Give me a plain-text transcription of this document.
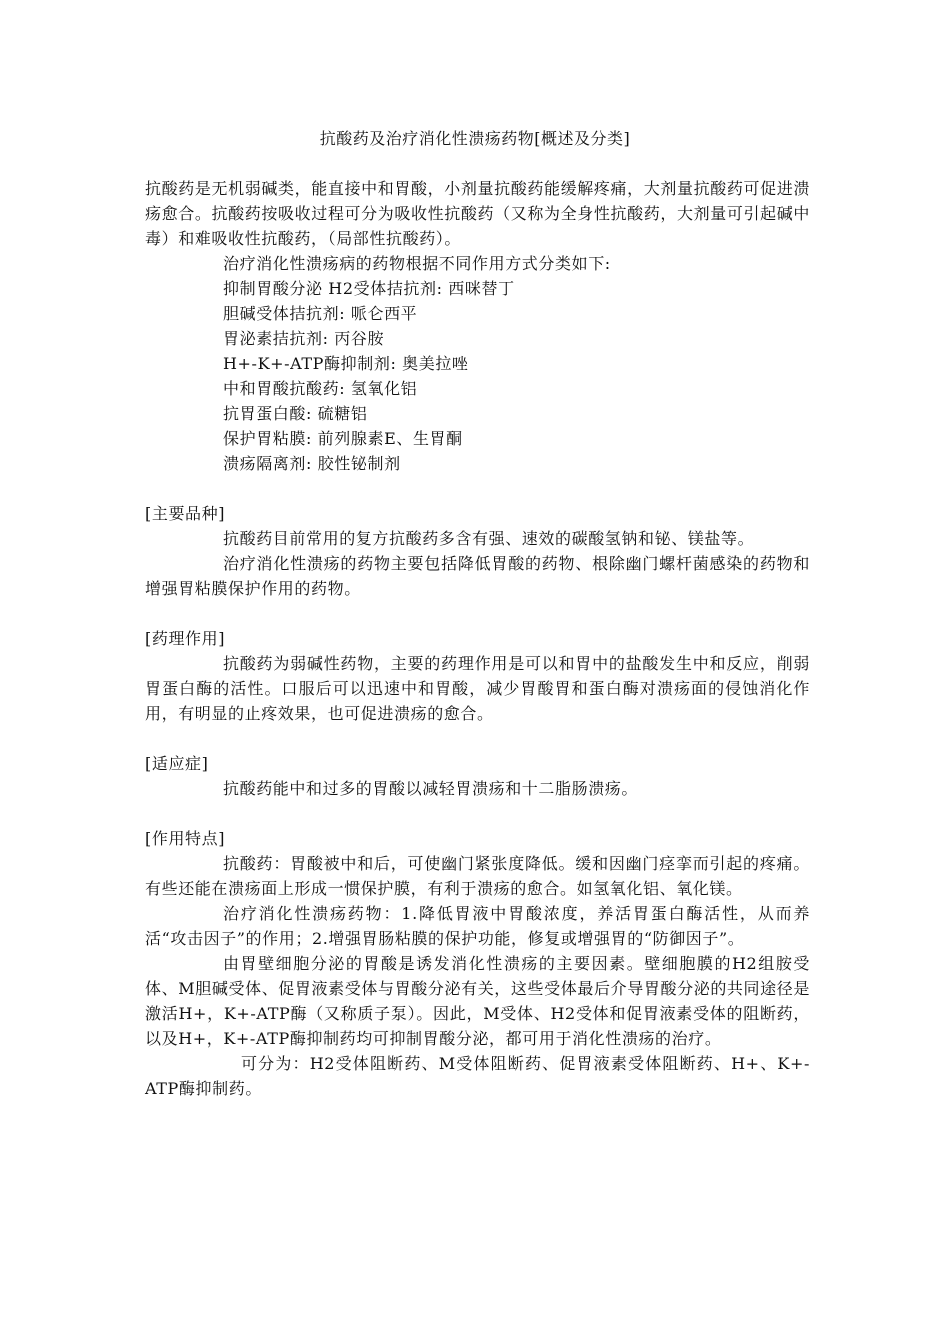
抗酸药及治疗消化性溃疡药物[概述及分类]

抗酸药是无机弱碱类，能直接中和胃酸，小剂量抗酸药能缓解疼痛，大剂量抗酸药可促进溃疡愈合。抗酸药按吸收过程可分为吸收性抗酸药（又称为全身性抗酸药，大剂量可引起碱中毒）和难吸收性抗酸药，（局部性抗酸药）。

治疗消化性溃疡病的药物根据不同作用方式分类如下:

抑制胃酸分泌 H2受体拮抗剂: 西咪替丁
胆碱受体拮抗剂: 哌仑西平
胃泌素拮抗剂: 丙谷胺
H+-K+-ATP酶抑制剂: 奥美拉唑
中和胃酸抗酸药: 氢氧化铝
抗胃蛋白酸: 硫糖铝
保护胃粘膜: 前列腺素E、生胃酮
溃疡隔离剂: 胶性铋制剂

[主要品种]

抗酸药目前常用的复方抗酸药多含有强、速效的碳酸氢钠和铋、镁盐等。

治疗消化性溃疡的药物主要包括降低胃酸的药物、根除幽门螺杆菌感染的药物和增强胃粘膜保护作用的药物。

[药理作用]

抗酸药为弱碱性药物，主要的药理作用是可以和胃中的盐酸发生中和反应，削弱胃蛋白酶的活性。口服后可以迅速中和胃酸，减少胃酸胃和蛋白酶对溃疡面的侵蚀消化作用，有明显的止疼效果，也可促进溃疡的愈合。

[适应症]

抗酸药能中和过多的胃酸以减轻胃溃疡和十二脂肠溃疡。

[作用特点]

抗酸药：胃酸被中和后，可使幽门紧张度降低。缓和因幽门痉挛而引起的疼痛。有些还能在溃疡面上形成一惯保护膜，有利于溃疡的愈合。如氢氧化铝、氧化镁。

治疗消化性溃疡药物：1.降低胃液中胃酸浓度，养活胃蛋白酶活性，从而养活“攻击因子”的作用；2.增强胃肠粘膜的保护功能，修复或增强胃的“防御因子”。

由胃壁细胞分泌的胃酸是诱发消化性溃疡的主要因素。壁细胞膜的H2组胺受体、M胆碱受体、促胃液素受体与胃酸分泌有关，这些受体最后介导胃酸分泌的共同途径是激活H+，K+-ATP酶（又称质子泵）。因此，M受体、H2受体和促胃液素受体的阻断药，以及H+，K+-ATP酶抑制药均可抑制胃酸分泌，都可用于消化性溃疡的治疗。

可分为：H2受体阻断药、M受体阻断药、促胃液素受体阻断药、H+、K+-ATP酶抑制药。
